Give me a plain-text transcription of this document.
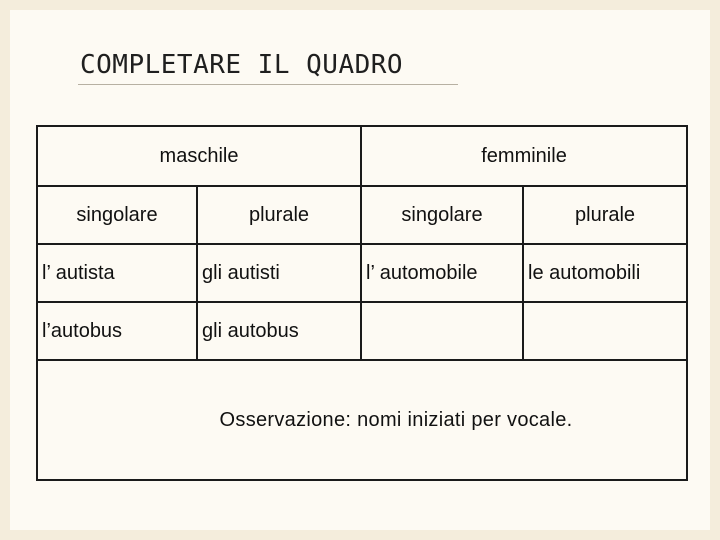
COMPLETARE IL QUADRO
maschile		femminile	
singolare	plurale	singolare	plurale
l’ autista	gli autisti	l’ automobile	le automobili
l’autobus	gli autobus		
Osservazione: nomi iniziati per vocale.			
